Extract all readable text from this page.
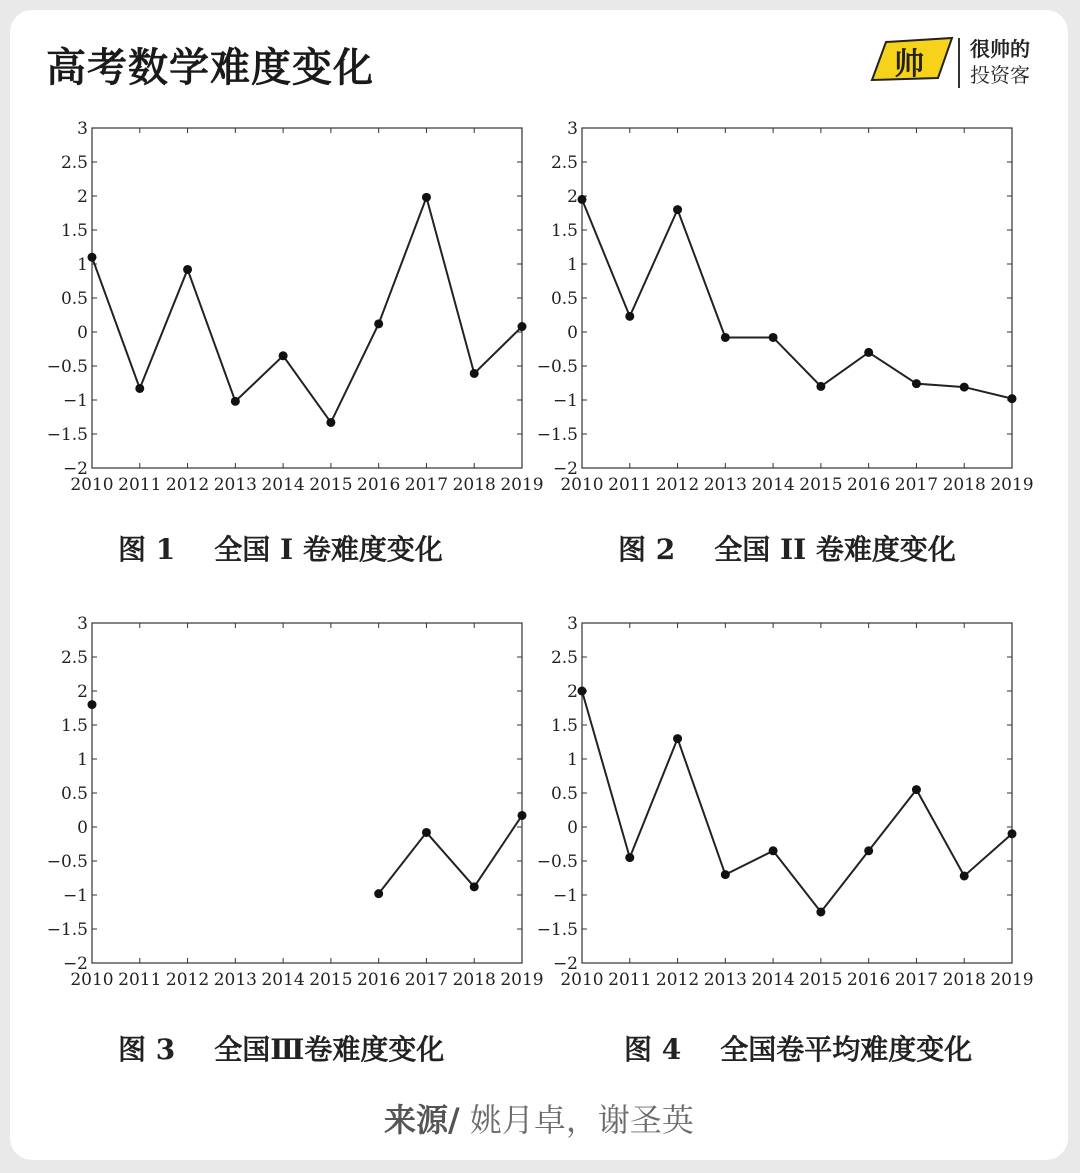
高考数学难度变化	帅 很帅的
投资客
3
2.5
2
1.5
1
0.5
0
−0.5
−1
−1.5
−2
2010 2011 2012 2013 2014 2015 2016 2017 2018 2019
3
2.5
2
1.5
1
0.5
0
−0.5
−1
−1.5
−2
2010 2011 2012 2013 2014 2015 2016 2017 2018 2019
3
2.5
2
1.5
1
0.5
0
−0.5
−1
−1.5
−2
2010 2011 2012 2013 2014 2015 2016 2017 2018 2019
3
2.5
2
1.5
1
0.5
0
−0.5
−1
−1.5
−2
2010 2011 2012 2013 2014 2015 2016 2017 2018 2019
图 1    全国 I 卷难度变化	图 2    全国 II 卷难度变化
图 3    全国Ⅲ卷难度变化	图 4    全国卷平均难度变化
来源/ 姚月卓，谢圣英
